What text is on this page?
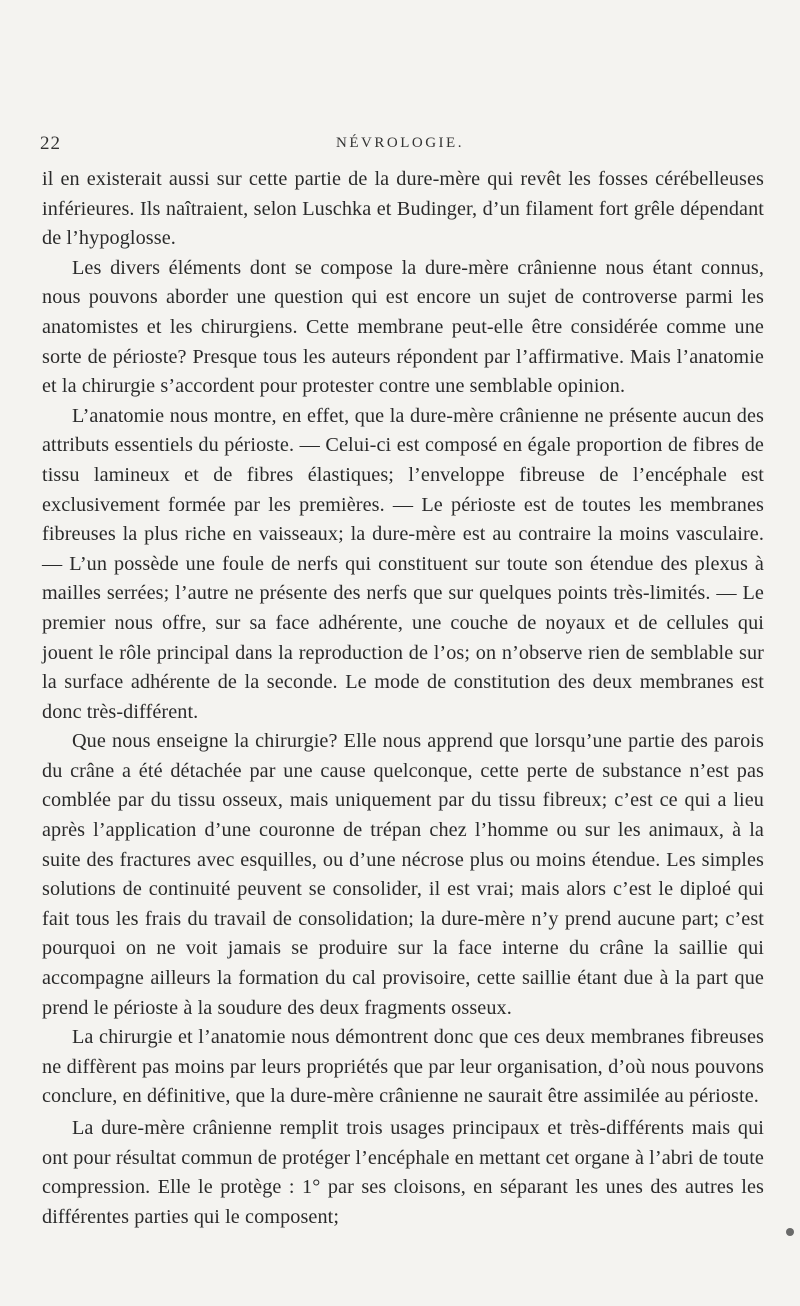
22	NÉVROLOGIE.

il en existerait aussi sur cette partie de la dure-mère qui revêt les fosses cérébelleuses inférieures. Ils naîtraient, selon Luschka et Budinger, d’un filament fort grêle dépendant de l’hypoglosse.

Les divers éléments dont se compose la dure-mère crânienne nous étant connus, nous pouvons aborder une question qui est encore un sujet de controverse parmi les anatomistes et les chirurgiens. Cette membrane peut-elle être considérée comme une sorte de périoste? Presque tous les auteurs répondent par l’affirmative. Mais l’anatomie et la chirurgie s’accordent pour protester contre une semblable opinion.

L’anatomie nous montre, en effet, que la dure-mère crânienne ne présente aucun des attributs essentiels du périoste. — Celui-ci est composé en égale proportion de fibres de tissu lamineux et de fibres élastiques; l’enveloppe fibreuse de l’encéphale est exclusivement formée par les premières. — Le périoste est de toutes les membranes fibreuses la plus riche en vaisseaux; la dure-mère est au contraire la moins vasculaire. — L’un possède une foule de nerfs qui constituent sur toute son étendue des plexus à mailles serrées; l’autre ne présente des nerfs que sur quelques points très-limités. — Le premier nous offre, sur sa face adhérente, une couche de noyaux et de cellules qui jouent le rôle principal dans la reproduction de l’os; on n’observe rien de semblable sur la surface adhérente de la seconde. Le mode de constitution des deux membranes est donc très-différent.

Que nous enseigne la chirurgie? Elle nous apprend que lorsqu’une partie des parois du crâne a été détachée par une cause quelconque, cette perte de substance n’est pas comblée par du tissu osseux, mais uniquement par du tissu fibreux; c’est ce qui a lieu après l’application d’une couronne de trépan chez l’homme ou sur les animaux, à la suite des fractures avec esquilles, ou d’une nécrose plus ou moins étendue. Les simples solutions de continuité peuvent se consolider, il est vrai; mais alors c’est le diploé qui fait tous les frais du travail de consolidation; la dure-mère n’y prend aucune part; c’est pourquoi on ne voit jamais se produire sur la face interne du crâne la saillie qui accompagne ailleurs la formation du cal provisoire, cette saillie étant due à la part que prend le périoste à la soudure des deux fragments osseux.

La chirurgie et l’anatomie nous démontrent donc que ces deux membranes fibreuses ne diffèrent pas moins par leurs propriétés que par leur organisation, d’où nous pouvons conclure, en définitive, que la dure-mère crânienne ne saurait être assimilée au périoste.

La dure-mère crânienne remplit trois usages principaux et très-différents mais qui ont pour résultat commun de protéger l’encéphale en mettant cet organe à l’abri de toute compression. Elle le protège : 1° par ses cloisons, en séparant les unes des autres les différentes parties qui le composent;
